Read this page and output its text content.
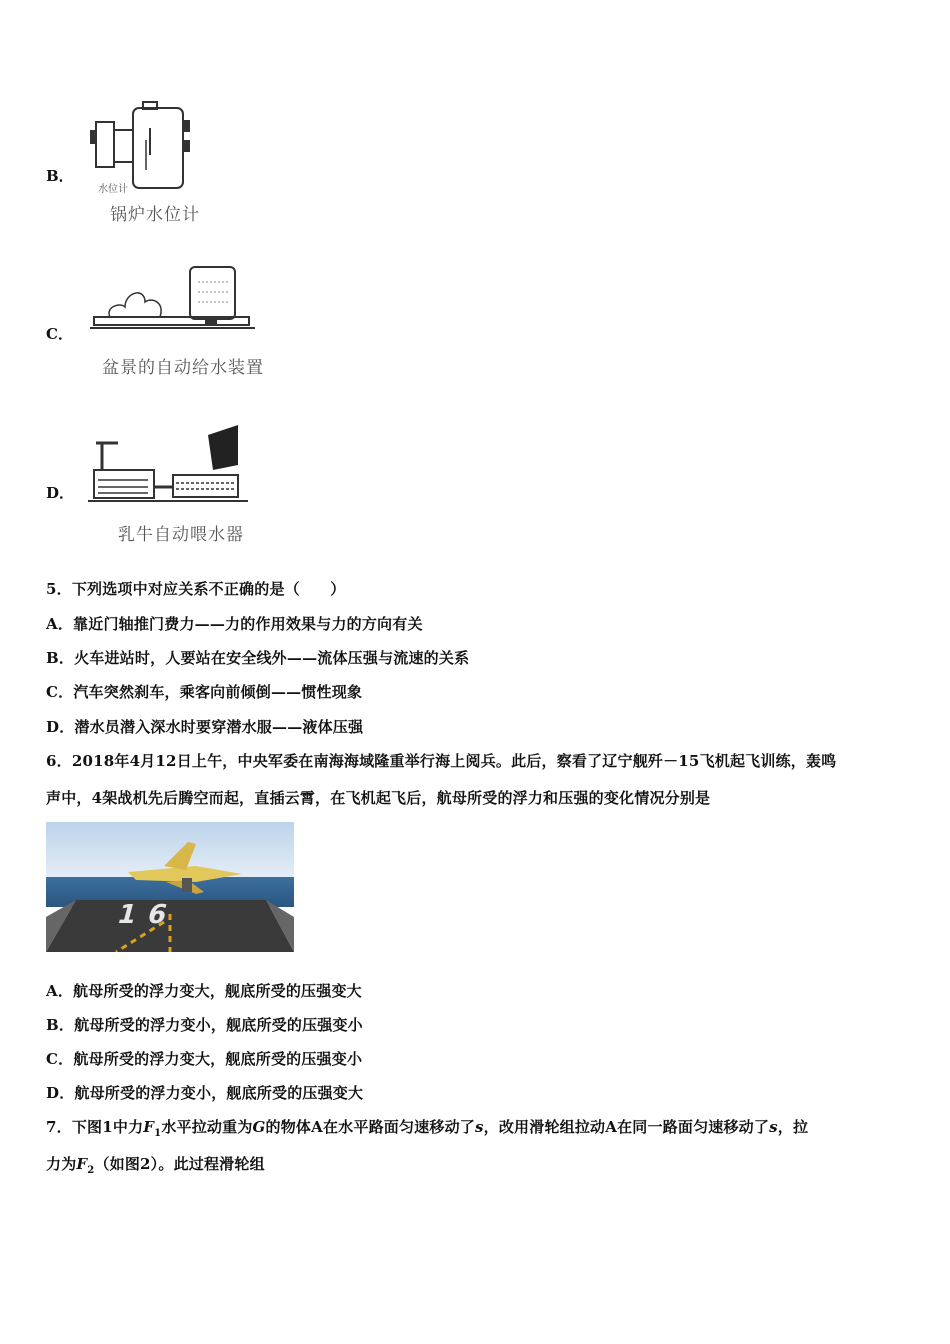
B．
水位计
锅炉水位计
C．
盆景的自动给水装置
D．
乳牛自动喂水器
5．下列选项中对应关系不正确的是（　　）
A．靠近门轴推门费力——力的作用效果与力的方向有关
B．火车进站时，人要站在安全线外——流体压强与流速的关系
C．汽车突然刹车，乘客向前倾倒——惯性现象
D．潜水员潜入深水时要穿潜水服——液体压强
6．2018年4月12日上午，中央军委在南海海域隆重举行海上阅兵。此后，察看了辽宁舰歼－15飞机起飞训练，轰鸣
声中，4架战机先后腾空而起，直插云霄，在飞机起飞后，航母所受的浮力和压强的变化情况分别是
16
A．航母所受的浮力变大，舰底所受的压强变大
B．航母所受的浮力变小，舰底所受的压强变小
C．航母所受的浮力变大，舰底所受的压强变小
D．航母所受的浮力变小，舰底所受的压强变大
7．下图1中力$F_1$水平拉动重为G的物体A在水平路面匀速移动了s，改用滑轮组拉动A在同一路面匀速移动了s，拉
力为$F_2$（如图2）。此过程滑轮组
